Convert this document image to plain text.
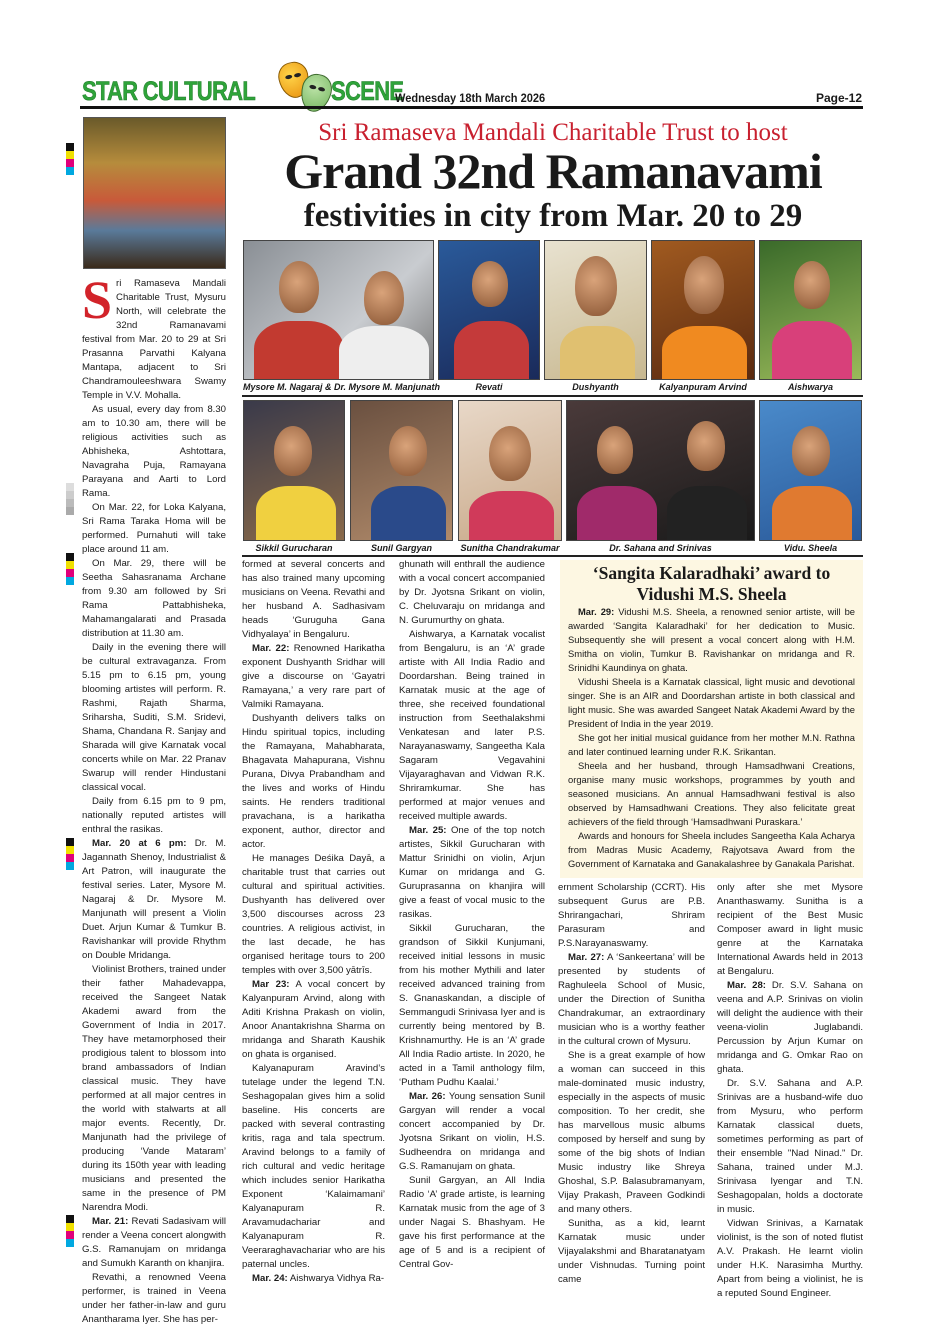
STAR CULTURAL	SCENE
Wednesday 18th March 2026	Page-12
Sri Ramaseva Mandali Charitable Trust to host
Grand 32nd Ramanavami
festivities in city from Mar. 20 to 29
Mysore M. Nagaraj & Dr. Mysore M. Manjunath	Revati	Dushyanth	Kalyanpuram Arvind	Aishwarya
Sikkil Gurucharan	Sunil Gargyan	Sunitha Chandrakumar	Dr. Sahana and Srinivas	Vidu. Sheela

Sri Ramaseva Mandali Charitable Trust, Mysuru North, will celebrate the 32nd Ramanavami festival from Mar. 20 to 29 at Sri Prasanna Parvathi Kalyana Mantapa, adjacent to Sri Chandramouleeshwara Swamy Temple in V.V. Mohalla.

As usual, every day from 8.30 am to 10.30 am, there will be religious activities such as Abhisheka, Ashtottara, Navagraha Puja, Ramayana Parayana and Aarti to Lord Rama.

On Mar. 22, for Loka Kalyana, Sri Rama Taraka Homa will be performed. Purnahuti will take place around 11 am.

On Mar. 29, there will be Seetha Sahasranama Archane from 9.30 am followed by Sri Rama Pattabhisheka, Mahamangalarati and Prasada distribution at 11.30 am.

Daily in the evening there will be cultural extravaganza. From 5.15 pm to 6.15 pm, young blooming artistes will perform. R. Rashmi, Rajath Sharma, Sriharsha, Suditi, S.M. Sridevi, Shama, Chandana R. Sanjay and Sharada will give Karnatak vocal concerts while on Mar. 22 Pranav Swarup will render Hindustani classical vocal.

Daily from 6.15 pm to 9 pm, nationally reputed artistes will enthral the rasikas.

Mar. 20 at 6 pm: Dr. M. Jagannath Shenoy, Industrialist & Art Patron, will inaugurate the festival series. Later, Mysore M. Nagaraj & Dr. Mysore M. Manjunath will present a Violin Duet. Arjun Kumar & Tumkur B. Ravishankar will provide Rhythm on Double Mridanga.

Violinist Brothers, trained under their father Mahadevappa, received the Sangeet Natak Akademi award from the Government of India in 2017. They have metamorphosed their prodigious talent to blossom into brand ambassadors of Indian classical music. They have performed at all major centres in the world with stalwarts at all major events. Recently, Dr. Manjunath had the privilege of producing ‘Vande Mataram’ during its 150th year with leading musicians and presented the same in the presence of PM Narendra Modi.

Mar. 21: Revati Sadasivam will render a Veena concert alongwith G.S. Ramanujam on mridanga and Sumukh Karanth on khanjira.

Revathi, a renowned Veena performer, is trained in Veena under her father-in-law and guru Anantharama Iyer. She has per-

formed at several concerts and has also trained many upcoming musicians on Veena. Revathi and her husband A. Sadhasivam heads ‘Guruguha Gana Vidhyalaya’ in Bengaluru.

Mar. 22: Renowned Harikatha exponent Dushyanth Sridhar will give a discourse on ‘Gayatri Ramayana,’ a very rare part of Valmiki Ramayana.

Dushyanth delivers talks on Hindu spiritual topics, including the Ramayana, Mahabharata, Bhagavata Mahapurana, Vishnu Purana, Divya Prabandham and the lives and works of Hindu saints. He renders traditional pravachana, is a harikatha exponent, author, director and actor.

He manages Deśika Dayā, a charitable trust that carries out cultural and spiritual activities. Dushyanth has delivered over 3,500 discourses across 23 countries. A religious activist, in the last decade, he has organised heritage tours to 200 temples with over 3,500 yātrīs.

Mar 23: A vocal concert by Kalyanpuram Arvind, along with Aditi Krishna Prakash on violin, Anoor Anantakrishna Sharma on mridanga and Sharath Kaushik on ghata is organised.

Kalyanapuram Aravind’s tutelage under the legend T.N. Seshagopalan gives him a solid baseline. His concerts are packed with several contrasting kritis, raga and tala spectrum. Aravind belongs to a family of rich cultural and vedic heritage which includes senior Harikatha Exponent ‘Kalaimamani’ Kalyanapuram R. Aravamudachariar and Kalyanapuram R. Veeraraghavachariar who are his paternal uncles.

Mar. 24: Aishwarya Vidhya Ra-

ghunath will enthrall the audience with a vocal concert accompanied by Dr. Jyotsna Srikant on violin, C. Cheluvaraju on mridanga and N. Gurumurthy on ghata.

Aishwarya, a Karnatak vocalist from Bengaluru, is an ‘A’ grade artiste with All India Radio and Doordarshan. Being trained in Karnatak music at the age of three, she received foundational instruction from Seethalakshmi Venkatesan and later P.S. Narayanaswamy, Sangeetha Kala Sagaram Vegavahini Vijayaraghavan and Vidwan R.K. Shriramkumar. She has performed at major venues and received multiple awards.

Mar. 25: One of the top notch artistes, Sikkil Gurucharan with Mattur Srinidhi on violin, Arjun Kumar on mridanga and G. Guruprasanna on khanjira will give a feast of vocal music to the rasikas.

Sikkil Gurucharan, the grandson of Sikkil Kunjumani, received initial lessons in music from his mother Mythili and later received advanced training from S. Gnanaskandan, a disciple of Semmangudi Srinivasa Iyer and is currently being mentored by B. Krishnamurthy. He is an ‘A’ grade All India Radio artiste. In 2020, he acted in a Tamil anthology film, ‘Putham Pudhu Kaalai.’

Mar. 26: Young sensation Sunil Gargyan will render a vocal concert accompanied by Dr. Jyotsna Srikant on violin, H.S. Sudheendra on mridanga and G.S. Ramanujam on ghata.

Sunil Gargyan, an All India Radio ‘A’ grade artiste, is learning Karnatak music from the age of 3 under Nagai S. Bhashyam. He gave his first performance at the age of 5 and is a recipient of Central Gov-

ernment Scholarship (CCRT). His subsequent Gurus are P.B. Shrirangachari, Shriram Parasuram and P.S.Narayanaswamy.

Mar. 27: A ‘Sankeertana’ will be presented by students of Raghuleela School of Music, under the Direction of Sunitha Chandrakumar, an extraordinary musician who is a worthy feather in the cultural crown of Mysuru.

She is a great example of how a woman can succeed in this male-dominated music industry, especially in the aspects of music composition. To her credit, she has marvellous music albums composed by herself and sung by some of the big shots of Indian Music industry like Shreya Ghoshal, S.P. Balasubramanyam, Vijay Prakash, Praveen Godkindi and many others.

Sunitha, as a kid, learnt Karnatak music under Vijayalakshmi and Bharatanatyam under Vishnudas. Turning point came

only after she met Mysore Ananthaswamy. Sunitha is a recipient of the Best Music Composer award in light music genre at the Karnataka International Awards held in 2013 at Bengaluru.

Mar. 28: Dr. S.V. Sahana on veena and A.P. Srinivas on violin will delight the audience with their veena-violin Juglabandi. Percussion by Arjun Kumar on mridanga and G. Omkar Rao on ghata.

Dr. S.V. Sahana and A.P. Srinivas are a husband-wife duo from Mysuru, who perform Karnatak classical duets, sometimes performing as part of their ensemble "Nad Ninad." Dr. Sahana, trained under M.J. Srinivasa Iyengar and T.N. Seshagopalan, holds a doctorate in music.

Vidwan Srinivas, a Karnatak violinist, is the son of noted flutist A.V. Prakash. He learnt violin under H.K. Narasimha Murthy. Apart from being a violinist, he is a reputed Sound Engineer.

‘Sangita Kalaradhaki’ award to Vidushi M.S. Sheela

Mar. 29: Vidushi M.S. Sheela, a renowned senior artiste, will be awarded ‘Sangita Kalaradhaki’ for her dedication to Music. Subsequently she will present a vocal concert along with H.M. Smitha on violin, Tumkur B. Ravishankar on mridanga and R. Srinidhi Kaundinya on ghata.

Vidushi Sheela is a Karnatak classical, light music and devotional singer. She is an AIR and Doordarshan artiste in both classical and light music. She was awarded Sangeet Natak Akademi Award by the President of India in the year 2019.

She got her initial musical guidance from her mother M.N. Rathna and later continued learning under R.K. Srikantan.

Sheela and her husband, through Hamsadhwani Creations, organise many music workshops, programmes by youth and seasoned musicians. An annual Hamsadhwani festival is also observed by Hamsadhwani Creations. They also felicitate great achievers of the field through ‘Hamsadhwani Puraskara.’

Awards and honours for Sheela includes Sangeetha Kala Acharya from Madras Music Academy, Rajyotsava Award from the Government of Karnataka and Ganakalashree by Ganakala Parishat.
